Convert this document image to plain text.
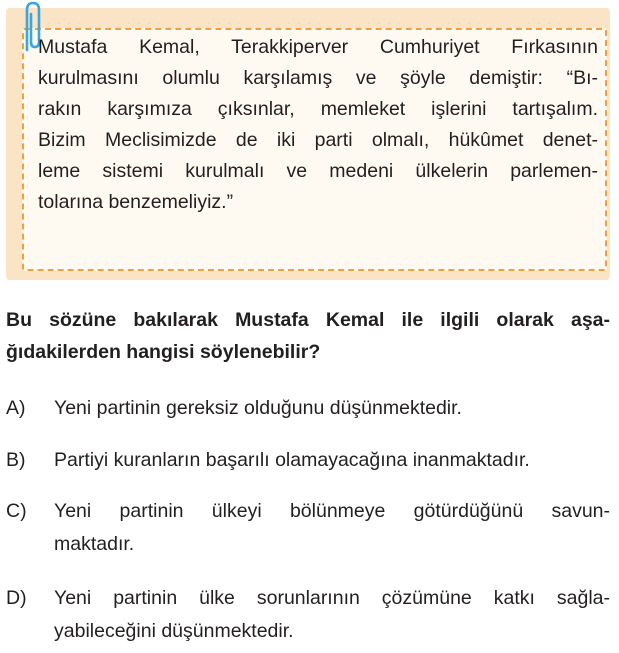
Mustafa Kemal, Terakkiperver Cumhuriyet Fırkasının
kurulmasını olumlu karşılamış ve şöyle demiştir: “Bı-
rakın karşımıza çıksınlar, memleket işlerini tartışalım.
Bizim Meclisimizde de iki parti olmalı, hükûmet denet-
leme sistemi kurulmalı ve medeni ülkelerin parlemen-
tolarına benzemeliyiz.”
Bu sözüne bakılarak Mustafa Kemal ile ilgili olarak aşa-
ğıdakilerden hangisi söylenebilir?
A) Yeni partinin gereksiz olduğunu düşünmektedir.
B) Partiyi kuranların başarılı olamayacağına inanmaktadır.
C) Yeni partinin ülkeyi bölünmeye götürdüğünü savun-
maktadır.
D) Yeni partinin ülke sorunlarının çözümüne katkı sağla-
yabileceğini düşünmektedir.
